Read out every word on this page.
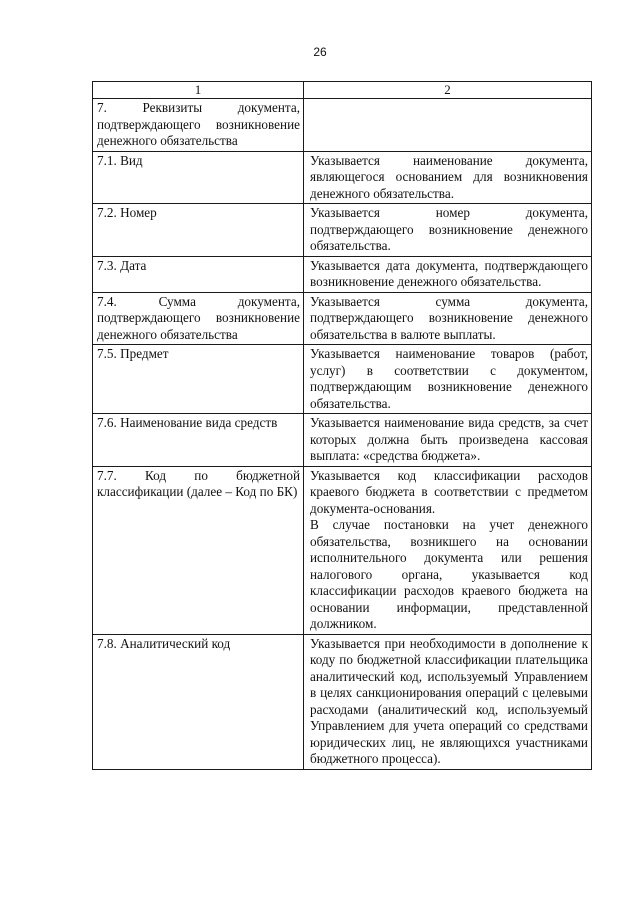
26
1	2
7. Реквизиты документа, подтверждающего возникновение денежного обязательства	
7.1. Вид	Указывается наименование документа, являющегося основанием для возникновения денежного обязательства.
7.2. Номер	Указывается номер документа, подтверждающего возникновение денежного обязательства.
7.3. Дата	Указывается дата документа, подтверждающего возникновение денежного обязательства.
7.4. Сумма документа, подтверждающего возникновение денежного обязательства	Указывается сумма документа, подтверждающего возникновение денежного обязательства в валюте выплаты.
7.5. Предмет	Указывается наименование товаров (работ, услуг) в соответствии с документом, подтверждающим возникновение денежного обязательства.
7.6. Наименование вида средств	Указывается наименование вида средств, за счет которых должна быть произведена кассовая выплата: «средства бюджета».
7.7. Код по бюджетной классификации (далее – Код по БК)	Указывается код классификации расходов краевого бюджета в соответствии с предметом документа-основания.
В случае постановки на учет денежного обязательства, возникшего на основании исполнительного документа или решения налогового органа, указывается код классификации расходов краевого бюджета на основании информации, представленной должником.

7.8. Аналитический код	Указывается при необходимости в дополнение к коду по бюджетной классификации плательщика аналитический код, используемый Управлением в целях санкционирования операций с целевыми расходами (аналитический код, используемый Управлением для учета операций со средствами юридических лиц, не являющихся участниками бюджетного процесса).
